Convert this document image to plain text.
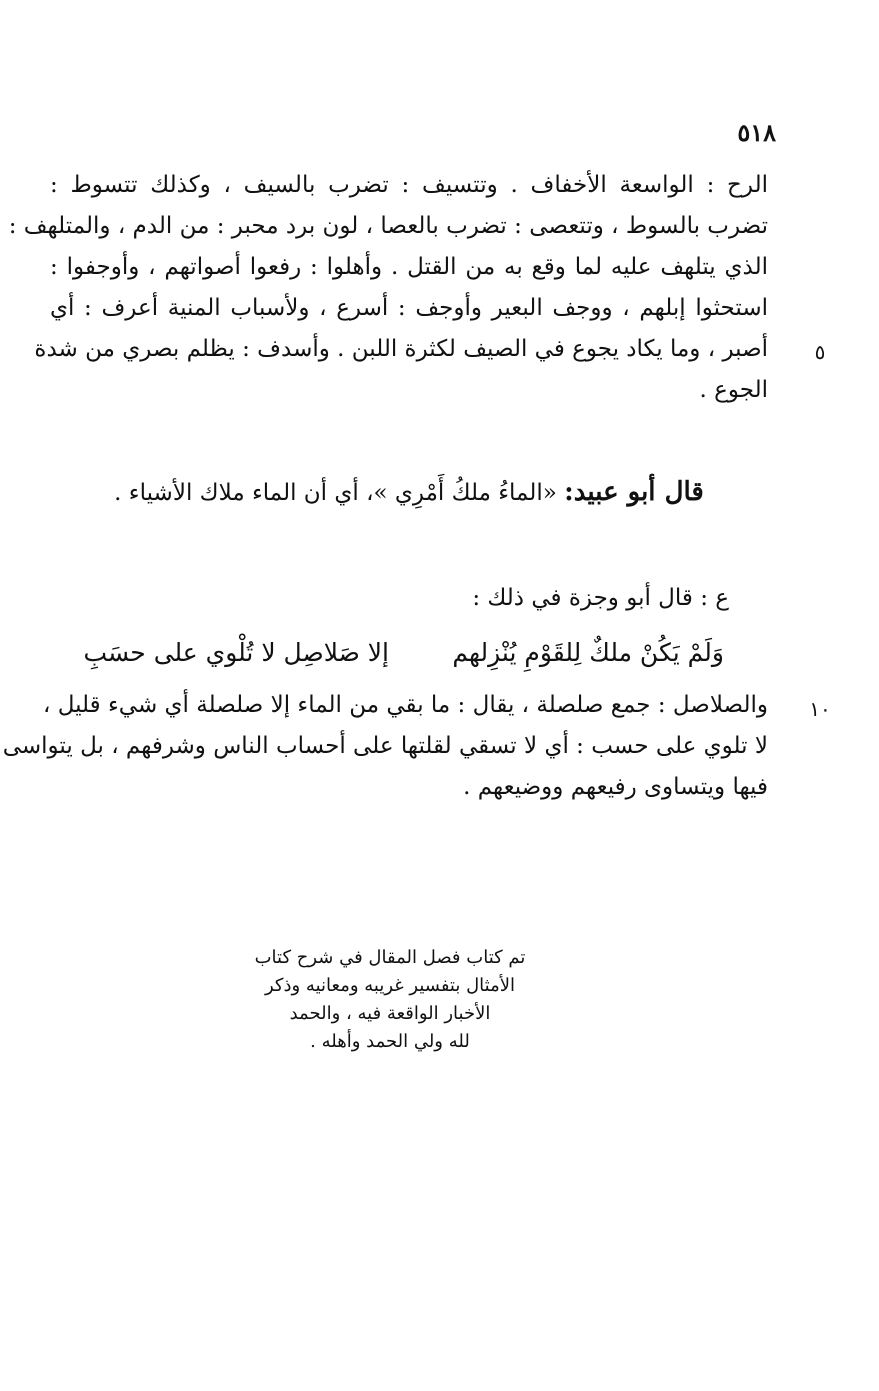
٥١٨
الرح : الواسعة الأخفاف . وتتسيف : تضرب بالسيف ، وكذلك تتسوط :
تضرب بالسوط ، وتتعصى : تضرب بالعصا ، لون برد محبر : من الدم ، والمتلهف :
الذي يتلهف عليه لما وقع به من القتل . وأهلوا : رفعوا أصواتهم ، وأوجفوا :
استحثوا إبلهم ، ووجف البعير وأوجف : أسرع ، ولأسباب المنية أعرف : أي
أصبر ، وما يكاد يجوع في الصيف لكثرة اللبن . وأسدف : يظلم بصري من شدة
الجوع .
٥
قال أبو عبيد: «الماءُ ملكُ أَمْرِي »، أي أن الماء ملاك الأشياء .
ع : قال أبو وجزة في ذلك :
وَلَمْ يَكُنْ ملكٌ لِلقَوْمِ يُنْزِلهم
إلا صَلاصِل لا تُلْوي على حسَبِ
والصلاصل : جمع صلصلة ، يقال : ما بقي من الماء إلا صلصلة أي شيء قليل ،
لا تلوي على حسب : أي لا تسقي لقلتها على أحساب الناس وشرفهم ، بل يتواسى
فيها ويتساوى رفيعهم ووضيعهم .
١٠
تم كتاب فصل المقال في شرح كتاب
الأمثال بتفسير غريبه ومعانيه وذكر
الأخبار الواقعة فيه ، والحمد
لله ولي الحمد وأهله .
